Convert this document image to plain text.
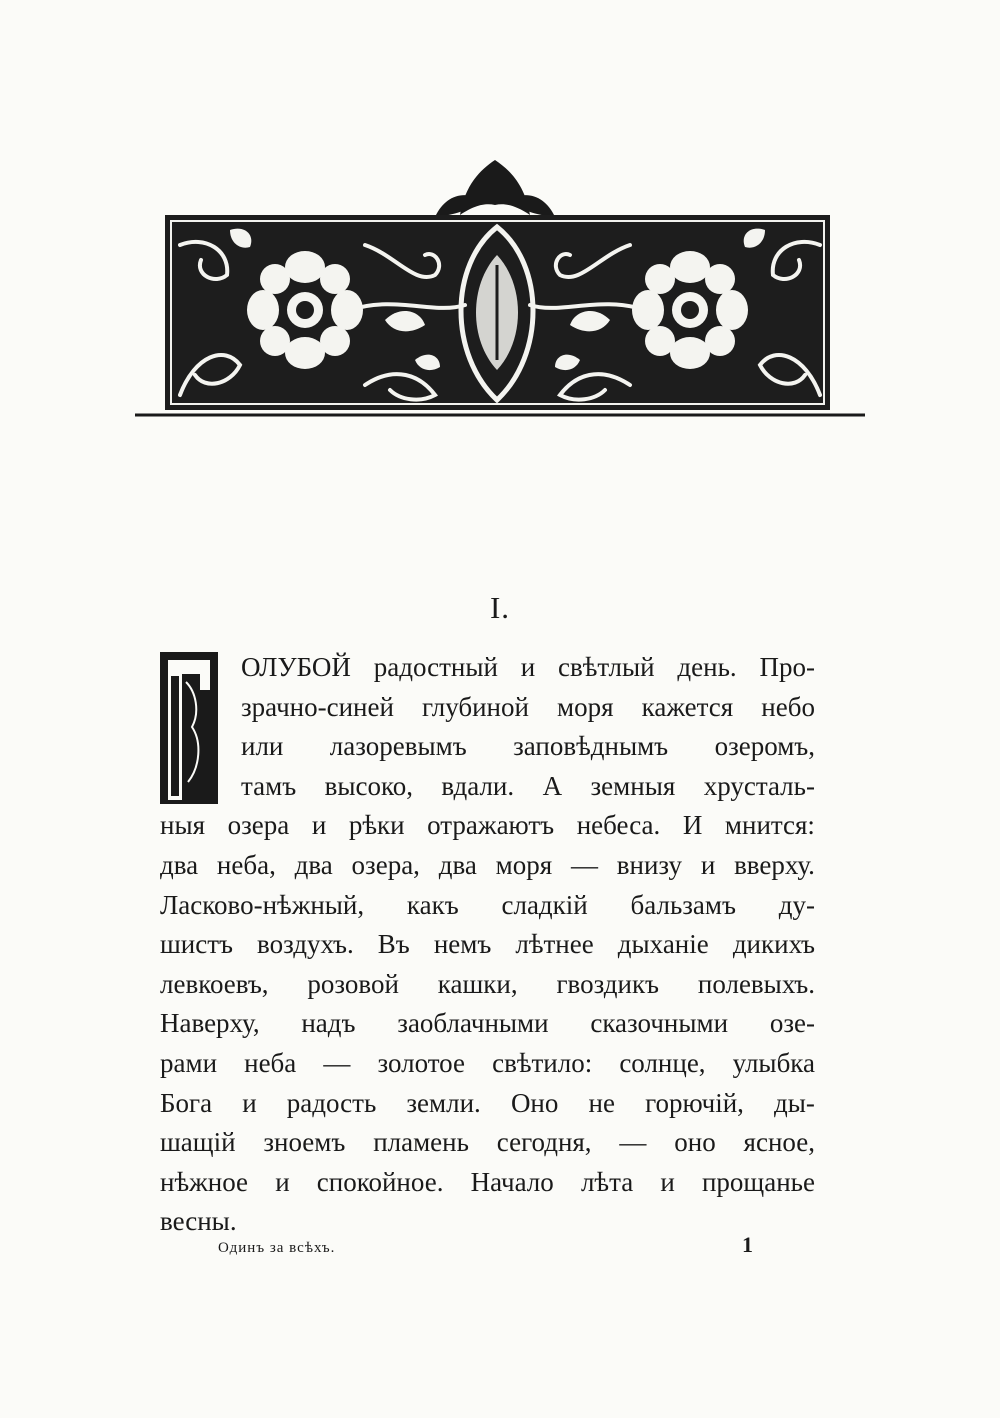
I.
ОЛУБОЙ радостный и свѣтлый день. Про-
зрачно-синей глубиной моря кажется небо
или лазоревымъ заповѣднымъ озеромъ,
тамъ высоко, вдали. А земныя хрусталь-
ныя озера и рѣки отражаютъ небеса. И мнится:
два неба, два озера, два моря — внизу и вверху.
Ласково-нѣжный, какъ сладкій бальзамъ ду-
шистъ воздухъ. Въ немъ лѣтнее дыханіе дикихъ
левкоевъ, розовой кашки, гвоздикъ полевыхъ.
Наверху, надъ заоблачными сказочными озе-
рами неба — золотое свѣтило: солнце, улыбка
Бога и радость земли. Оно не горючій, ды-
шащій зноемъ пламень сегодня, — оно ясное,
нѣжное и спокойное. Начало лѣта и прощанье
весны.
Одинъ за всѣхъ.	1
